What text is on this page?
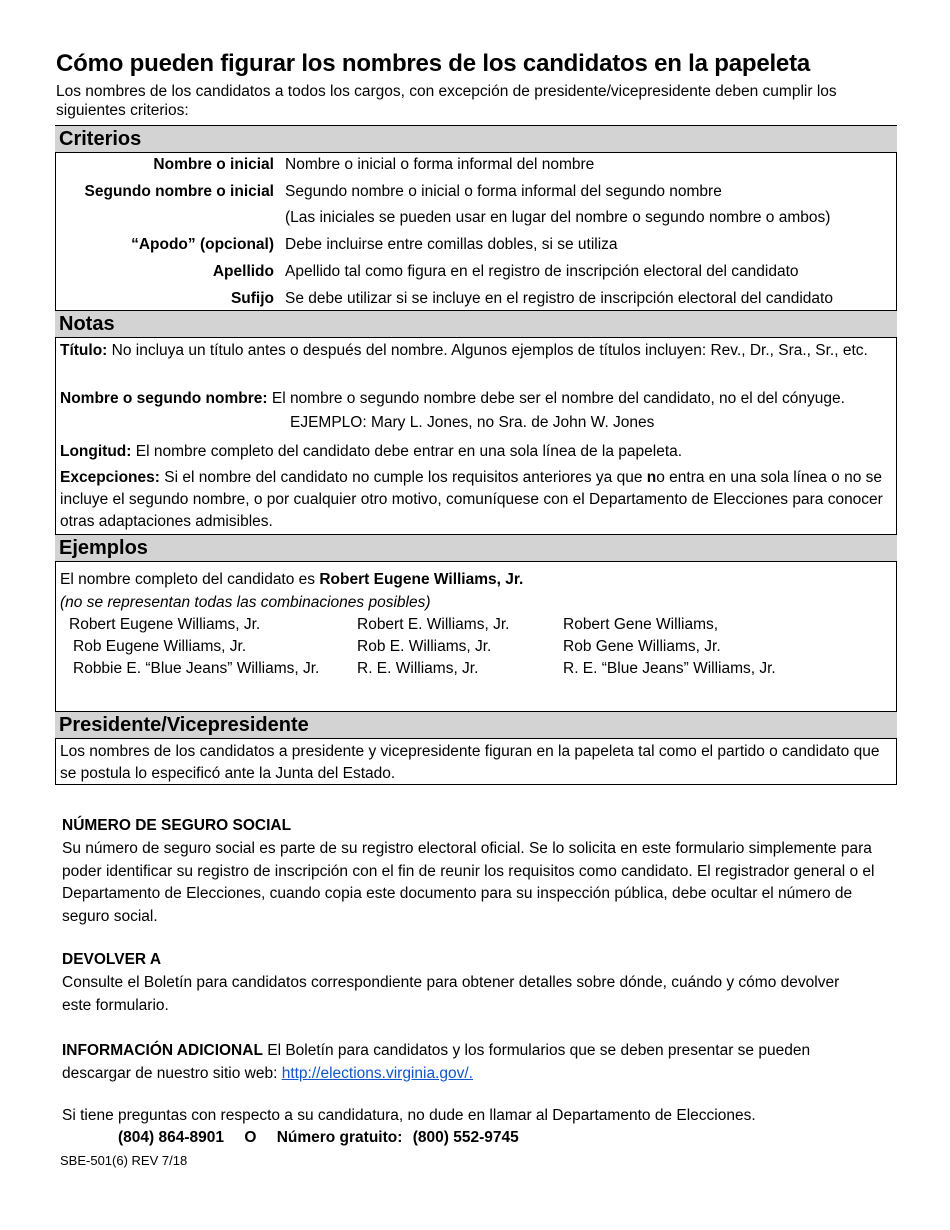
Cómo pueden figurar los nombres de los candidatos en la papeleta
Los nombres de los candidatos a todos los cargos, con excepción de presidente/vicepresidente deben cumplir los siguientes criterios:
Criterios
Nombre o inicial Nombre o inicial o forma informal del nombre
Segundo nombre o inicial Segundo nombre o inicial o forma informal del segundo nombre
(Las iniciales se pueden usar en lugar del nombre o segundo nombre o ambos)
“Apodo” (opcional) Debe incluirse entre comillas dobles, si se utiliza
Apellido Apellido tal como figura en el registro de inscripción electoral del candidato
Sufijo Se debe utilizar si se incluye en el registro de inscripción electoral del candidato
Notas
Título: No incluya un título antes o después del nombre. Algunos ejemplos de títulos incluyen: Rev., Dr., Sra., Sr., etc.
Nombre o segundo nombre: El nombre o segundo nombre debe ser el nombre del candidato, no el del cónyuge.
EJEMPLO: Mary L. Jones, no Sra. de John W. Jones
Longitud: El nombre completo del candidato debe entrar en una sola línea de la papeleta.
Excepciones: Si el nombre del candidato no cumple los requisitos anteriores ya que no entra en una sola línea o no se incluye el segundo nombre, o por cualquier otro motivo, comuníquese con el Departamento de Elecciones para conocer otras adaptaciones admisibles.
Ejemplos
El nombre completo del candidato es Robert Eugene Williams, Jr.
(no se representan todas las combinaciones posibles)
Robert Eugene Williams, Jr.
Rob Eugene Williams, Jr.
Robbie E. “Blue Jeans” Williams, Jr.
Robert E. Williams, Jr.
Rob E. Williams, Jr.
R. E. Williams, Jr.
Robert Gene Williams,
Rob Gene Williams, Jr.
R. E. “Blue Jeans” Williams, Jr.
Presidente/Vicepresidente
Los nombres de los candidatos a presidente y vicepresidente figuran en la papeleta tal como el partido o candidato que se postula lo especificó ante la Junta del Estado.
NÚMERO DE SEGURO SOCIAL
Su número de seguro social es parte de su registro electoral oficial. Se lo solicita en este formulario simplemente para poder identificar su registro de inscripción con el fin de reunir los requisitos como candidato. El registrador general o el Departamento de Elecciones, cuando copia este documento para su inspección pública, debe ocultar el número de seguro social.
DEVOLVER A
Consulte el Boletín para candidatos correspondiente para obtener detalles sobre dónde, cuándo y cómo devolver este formulario.
INFORMACIÓN ADICIONAL El Boletín para candidatos y los formularios que se deben presentar se pueden descargar de nuestro sitio web: http://elections.virginia.gov/.
Si tiene preguntas con respecto a su candidatura, no dude en llamar al Departamento de Elecciones.
(804) 864-8901 O Número gratuito: (800) 552-9745
SBE-501(6) REV 7/18
